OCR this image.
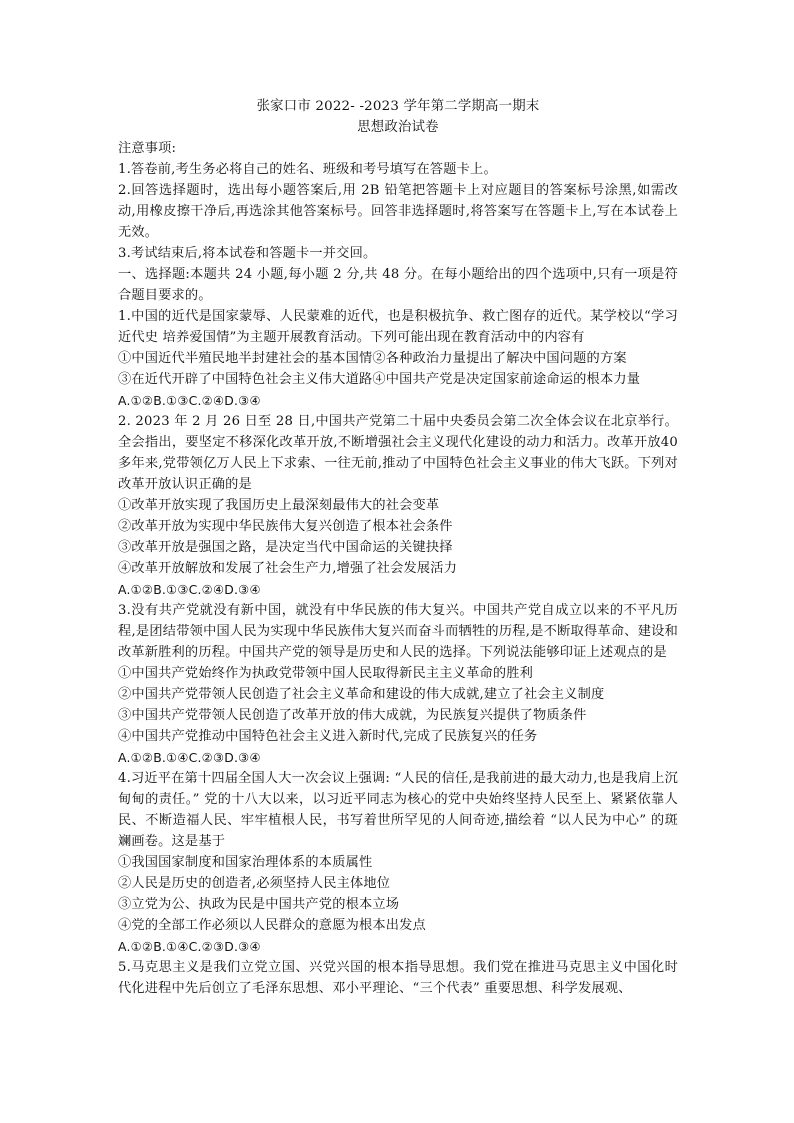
张家口市 2022- -2023 学年第二学期高一期末

思想政治试卷

注意事项:

1.答卷前,考生务必将自己的姓名、班级和考号填写在答题卡上。

2.回答选择题时，选出每小题答案后,用 2B 铅笔把答题卡上对应题目的答案标号涂黑,如需改动,用橡皮擦干净后,再选涂其他答案标号。回答非选择题时,将答案写在答题卡上,写在本试卷上无效。

3.考试结束后,将本试卷和答题卡一并交回。

一、选择题:本题共 24 小题,每小题 2 分,共 48 分。在每小题给出的四个选项中,只有一项是符合题目要求的。

1.中国的近代是国家蒙辱、人民蒙难的近代，也是积极抗争、救亡图存的近代。某学校以“学习近代史 培养爱国情”为主题开展教育活动。下列可能出现在教育活动中的内容有

①中国近代半殖民地半封建社会的基本国情②各种政治力量提出了解决中国问题的方案

③在近代开辟了中国特色社会主义伟大道路④中国共产党是决定国家前途命运的根本力量

A.①②B.①③C.②④D.③④

2. 2023 年 2 月 26 日至 28 日,中国共产党第二十届中央委员会第二次全体会议在北京举行。全会指出，要坚定不移深化改革开放,不断增强社会主义现代化建设的动力和活力。改革开放40多年来,党带领亿万人民上下求索、一往无前,推动了中国特色社会主义事业的伟大飞跃。下列对改革开放认识正确的是

①改革开放实现了我国历史上最深刻最伟大的社会变革

②改革开放为实现中华民族伟大复兴创造了根本社会条件

③改革开放是强国之路，是决定当代中国命运的关键抉择

④改革开放解放和发展了社会生产力,增强了社会发展活力

A.①②B.①③C.②④D.③④

3.没有共产党就没有新中国，就没有中华民族的伟大复兴。中国共产党自成立以来的不平凡历程,是团结带领中国人民为实现中华民族伟大复兴而奋斗而牺牲的历程,是不断取得革命、建设和改革新胜利的历程。中国共产党的领导是历史和人民的选择。下列说法能够印证上述观点的是

①中国共产党始终作为执政党带领中国人民取得新民主主义革命的胜利

②中国共产党带领人民创造了社会主义革命和建设的伟大成就,建立了社会主义制度

③中国共产党带领人民创造了改革开放的伟大成就，为民族复兴提供了物质条件

④中国共产党推动中国特色社会主义进入新时代,完成了民族复兴的任务

A.①②B.①④C.②③D.③④

4.习近平在第十四届全国人大一次会议上强调: “人民的信任,是我前进的最大动力,也是我肩上沉甸甸的责任。” 党的十八大以来，以习近平同志为核心的党中央始终坚持人民至上、紧紧依靠人民、不断造福人民、牢牢植根人民，书写着世所罕见的人间奇迹,描绘着 “以人民为中心” 的斑斓画卷。这是基于

①我国国家制度和国家治理体系的本质属性

②人民是历史的创造者,必须坚持人民主体地位

③立党为公、执政为民是中国共产党的根本立场

④党的全部工作必须以人民群众的意愿为根本出发点

A.①②B.①④C.②③D.③④

5.马克思主义是我们立党立国、兴党兴国的根本指导思想。我们党在推进马克思主义中国化时代化进程中先后创立了毛泽东思想、邓小平理论、“三个代表” 重要思想、科学发展观、
